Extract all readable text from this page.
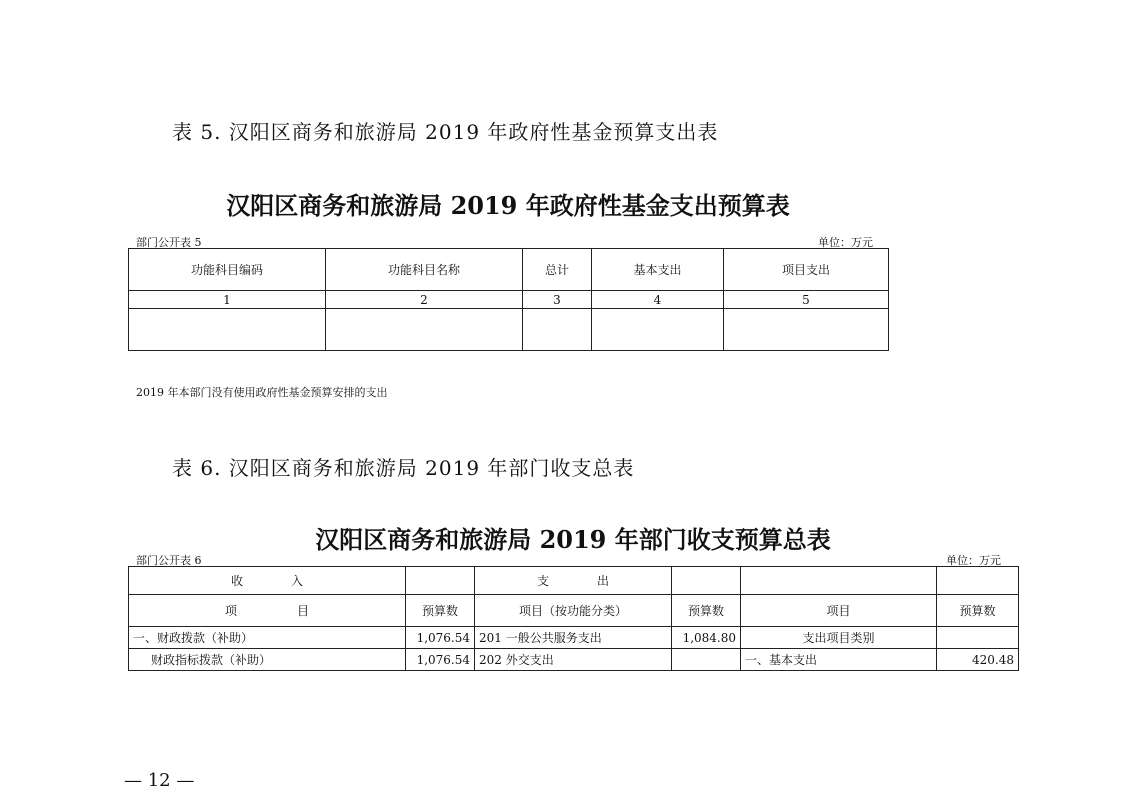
表 5. 汉阳区商务和旅游局 2019 年政府性基金预算支出表
汉阳区商务和旅游局 2019 年政府性基金支出预算表
部门公开表 5	单位：万元
功能科目编码	功能科目名称	总计	基本支出	项目支出
1	2	3	4	5

2019 年本部门没有使用政府性基金预算安排的支出
表 6. 汉阳区商务和旅游局 2019 年部门收支总表
汉阳区商务和旅游局 2019 年部门收支预算总表
部门公开表 6	单位：万元
收　　　　入		支　　　　出			
项　　　　　目	预算数	项目（按功能分类）	预算数	项目	预算数
一、财政拨款（补助）	1,076.54	201 一般公共服务支出	1,084.80	支出项目类别	
财政指标拨款（补助）	1,076.54	202 外交支出		一、基本支出	420.48
— 12 —
